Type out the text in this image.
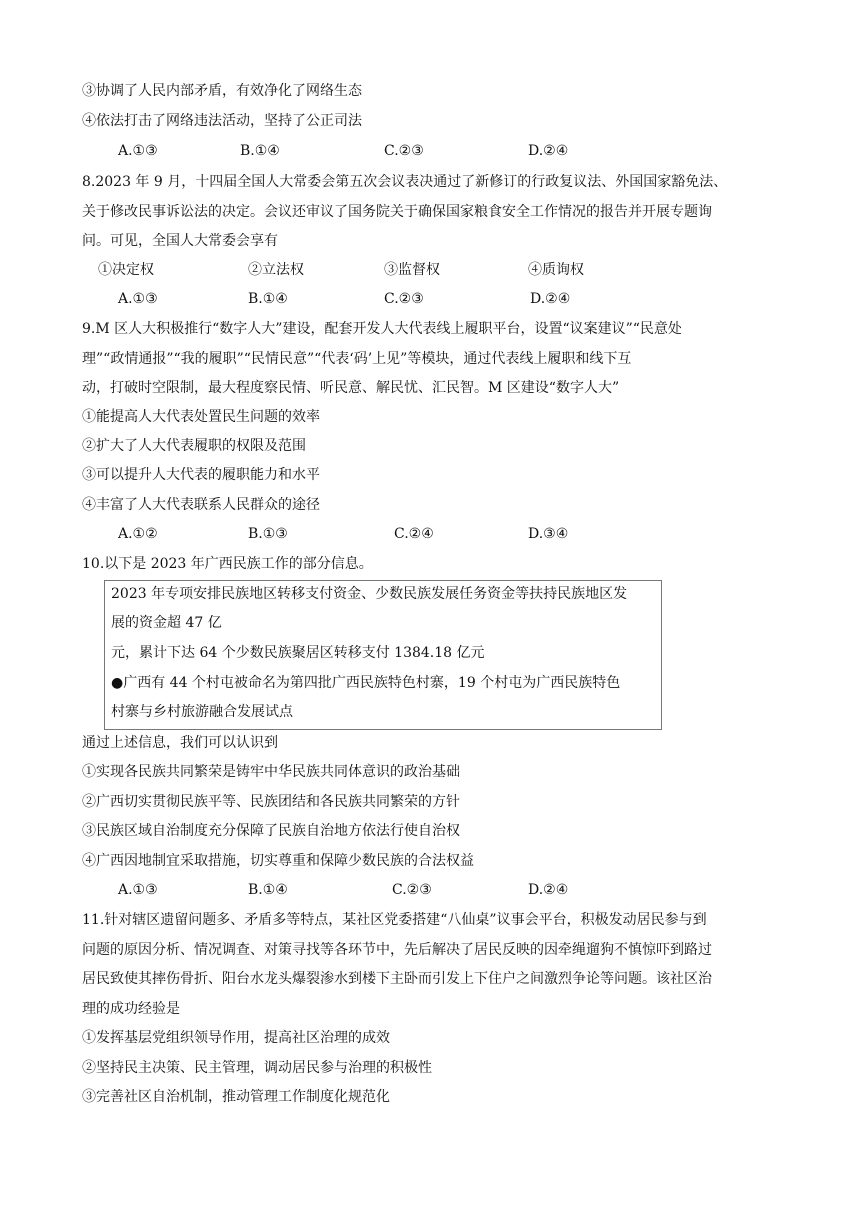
③协调了人民内部矛盾，有效净化了网络生态
④依法打击了网络违法活动，坚持了公正司法
A.①③	B.①④	C.②③	D.②④
8.2023 年 9 月，十四届全国人大常委会第五次会议表决通过了新修订的行政复议法、外国国家豁免法、
关于修改民事诉讼法的决定。会议还审议了国务院关于确保国家粮食安全工作情况的报告并开展专题询
问。可见，全国人大常委会享有
①决定权	②立法权	③监督权	④质询权
A.①③	B.①④	C.②③	D.②④
9.M 区人大积极推行“数字人大”建设，配套开发人大代表线上履职平台，设置“议案建议”“民意处
理”“政情通报”“我的履职”“民情民意”“代表‘码’上见”等模块，通过代表线上履职和线下互
动，打破时空限制，最大程度察民情、听民意、解民忧、汇民智。M 区建设“数字人大”
①能提高人大代表处置民生问题的效率
②扩大了人大代表履职的权限及范围
③可以提升人大代表的履职能力和水平
④丰富了人大代表联系人民群众的途径
A.①②	B.①③	C.②④	D.③④
10.以下是 2023 年广西民族工作的部分信息。
2023 年专项安排民族地区转移支付资金、少数民族发展任务资金等扶持民族地区发
展的资金超 47 亿
元，累计下达 64 个少数民族聚居区转移支付 1384.18 亿元
●广西有 44 个村屯被命名为第四批广西民族特色村寨，19 个村屯为广西民族特色
村寨与乡村旅游融合发展试点
通过上述信息，我们可以认识到
①实现各民族共同繁荣是铸牢中华民族共同体意识的政治基础
②广西切实贯彻民族平等、民族团结和各民族共同繁荣的方针
③民族区域自治制度充分保障了民族自治地方依法行使自治权
④广西因地制宜采取措施，切实尊重和保障少数民族的合法权益
A.①③	B.①④	C.②③	D.②④
11.针对辖区遗留问题多、矛盾多等特点，某社区党委搭建“八仙桌”议事会平台，积极发动居民参与到
问题的原因分析、情况调查、对策寻找等各环节中，先后解决了居民反映的因牵绳遛狗不慎惊吓到路过
居民致使其摔伤骨折、阳台水龙头爆裂渗水到楼下主卧而引发上下住户之间激烈争论等问题。该社区治
理的成功经验是
①发挥基层党组织领导作用，提高社区治理的成效
②坚持民主决策、民主管理，调动居民参与治理的积极性
③完善社区自治机制，推动管理工作制度化规范化
